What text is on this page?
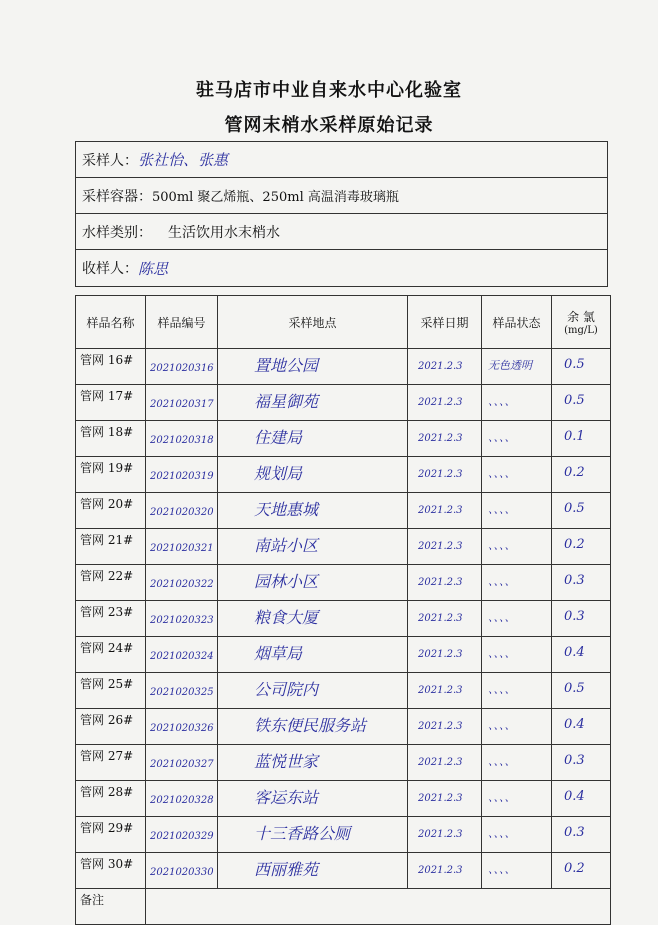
驻马店市中业自来水中心化验室
管网末梢水采样原始记录
采样人： 张社怡、张惠
采样容器： 500ml 聚乙烯瓶、250ml 高温消毒玻璃瓶
水样类别： 生活饮用水末梢水
收样人： 陈思
样品名称	样品编号	采样地点	采样日期	样品状态	余 氯
(mg/L)

管网 16#	2021020316	置地公园	2021.2.3	无色透明	0.5

管网 17#	2021020317	福星御苑	2021.2.3	、、、、	0.5

管网 18#	2021020318	住建局	2021.2.3	、、、、	0.1

管网 19#	2021020319	规划局	2021.2.3	、、、、	0.2

管网 20#	2021020320	天地惠城	2021.2.3	、、、、	0.5

管网 21#	2021020321	南站小区	2021.2.3	、、、、	0.2

管网 22#	2021020322	园林小区	2021.2.3	、、、、	0.3

管网 23#	2021020323	粮食大厦	2021.2.3	、、、、	0.3

管网 24#	2021020324	烟草局	2021.2.3	、、、、	0.4

管网 25#	2021020325	公司院内	2021.2.3	、、、、	0.5

管网 26#	2021020326	铁东便民服务站	2021.2.3	、、、、	0.4

管网 27#	2021020327	蓝悦世家	2021.2.3	、、、、	0.3

管网 28#	2021020328	客运东站	2021.2.3	、、、、	0.4

管网 29#	2021020329	十三香路公厕	2021.2.3	、、、、	0.3

管网 30#	2021020330	西丽雅苑	2021.2.3	、、、、	0.2

备注					
